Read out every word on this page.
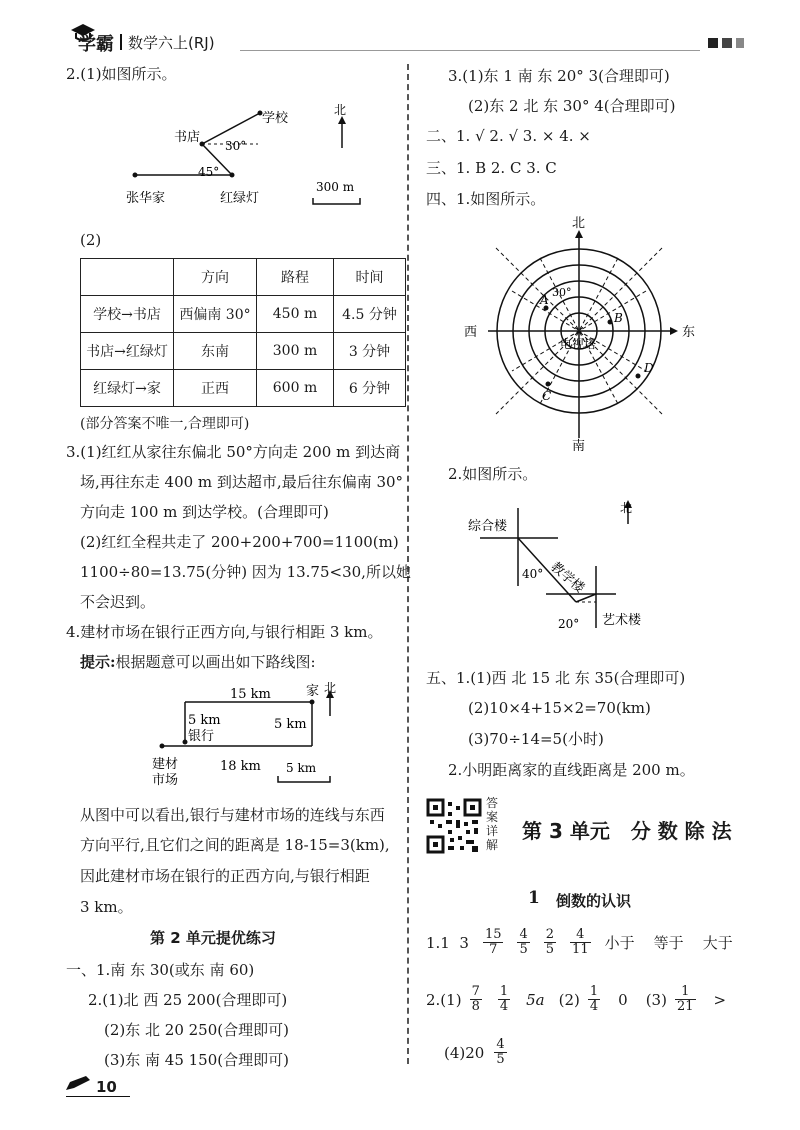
学霸 数学六上(RJ)
2.(1)如图所示。
学校
书店
30°
45°
张华家	红绿灯
北
300 m
(2)
	方向	路程	时间
学校→书店	西偏南 30°	450 m	4.5 分钟
书店→红绿灯	东南	300 m	3 分钟
红绿灯→家	正西	600 m	6 分钟
(部分答案不唯一,合理即可)
3.(1)红红从家往东偏北 50°方向走 200 m 到达商
场,再往东走 400 m 到达超市,最后往东偏南 30°
方向走 100 m 到达学校。(合理即可)
(2)红红全程共走了 200+200+700=1100(m)
1100÷80=13.75(分钟) 因为 13.75<30,所以她
不会迟到。
4.建材市场在银行正西方向,与银行相距 3 km。
提示:根据题意可以画出如下路线图:
15 km	家 北
5 km
银行
5 km
18 km
建材
市场
5 km
从图中可以看出,银行与建材市场的连线与东西
方向平行,且它们之间的距离是 18-15=3(km),
因此建材市场在银行的正西方向,与银行相距
3 km。
第 2 单元提优练习
一、1.南 东 30(或东 南 60)
2.(1)北 西 25 200(合理即可)
(2)东 北 20 250(合理即可)
(3)东 南 45 150(合理即可)
10
3.(1)东 1 南 东 20° 3(合理即可)
(2)东 2 北 东 30° 4(合理即可)
二、1. √ 2. √ 3. × 4. ×
三、1. B 2. C 3. C
四、1.如图所示。
北
南
西	东
电视塔
A
30°
B
C
D
2.如图所示。
北
综合楼
40° 教学楼
20° 艺术楼
五、1.(1)西 北 15 北 东 35(合理即可)
(2)10×4+15×2=70(km)
(3)70÷14=5(小时)
2.小明距离家的直线距离是 200 m。
答
案
详
解
第 3 单元   分 数 除 法
1 倒数的认识
1.1  $3 \frac{15}{7} \frac{4}{5} \frac{2}{5} \frac{4}{11}$ 小于    等于    大于
$2.(1) \frac{7}{8} \frac{1}{4} 5a$ $(2) \frac{1}{4} 0$ $(3) \frac{1}{21}$ >
$(4)20 \frac{4}{5}$
